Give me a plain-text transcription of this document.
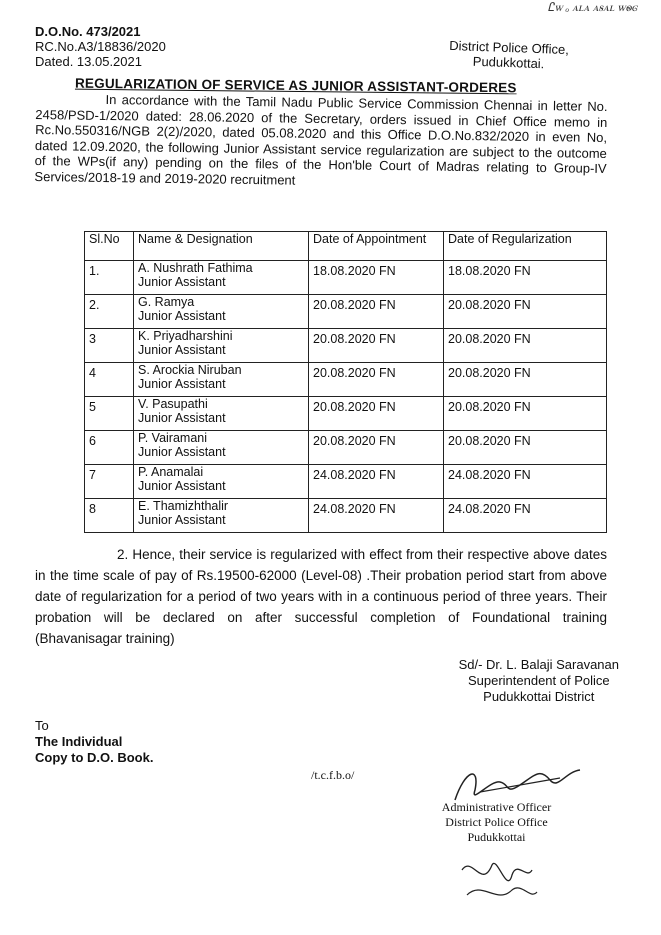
Ꮭꮃ ₒ ꭺꮮꭺ ꭺꭶꭺꮮ ꮃꮻꮆ
D.O.No. 473/2021
RC.No.A3/18836/2020
Dated. 13.05.2021
District Police Office,
Pudukkottai.
REGULARIZATION OF SERVICE AS JUNIOR ASSISTANT-ORDERES

In accordance with the Tamil Nadu Public Service Commission Chennai in letter No. 2458/PSD-1/2020 dated: 28.06.2020 of the Secretary, orders issued in Chief Office memo in Rc.No.550316/NGB 2(2)/2020, dated 05.08.2020 and this Office D.O.No.832/2020 in even No, dated 12.09.2020, the following Junior Assistant service regularization are subject to the outcome of the WPs(if any) pending on the files of the Hon'ble Court of Madras relating to Group-IV Services/2018-19 and 2019-2020 recruitment

Sl.No	Name & Designation	Date of Appointment	Date of Regularization
1.	A. Nushrath Fathima
Junior Assistant	18.08.2020 FN	18.08.2020 FN
2.	G. Ramya
Junior Assistant	20.08.2020 FN	20.08.2020 FN
3	K. Priyadharshini
Junior Assistant	20.08.2020 FN	20.08.2020 FN
4	S. Arockia Niruban
Junior Assistant	20.08.2020 FN	20.08.2020 FN
5	V. Pasupathi
Junior Assistant	20.08.2020 FN	20.08.2020 FN
6	P. Vairamani
Junior Assistant	20.08.2020 FN	20.08.2020 FN
7	P. Anamalai
Junior Assistant	24.08.2020 FN	24.08.2020 FN
8	E. Thamizhthalir
Junior Assistant	24.08.2020 FN	24.08.2020 FN

2. Hence, their service is regularized with effect from their respective above dates in the time scale of pay of Rs.19500-62000 (Level-08) .Their probation period start from above date of regularization for a period of two years with in a continuous period of three years. Their probation will be declared on after successful completion of Foundational training (Bhavanisagar training)

Sd/- Dr. L. Balaji Saravanan
Superintendent of Police
Pudukkottai District
To
The Individual
Copy to D.O. Book.
/t.c.f.b.o/
Administrative Officer
District Police Office
Pudukkottai
